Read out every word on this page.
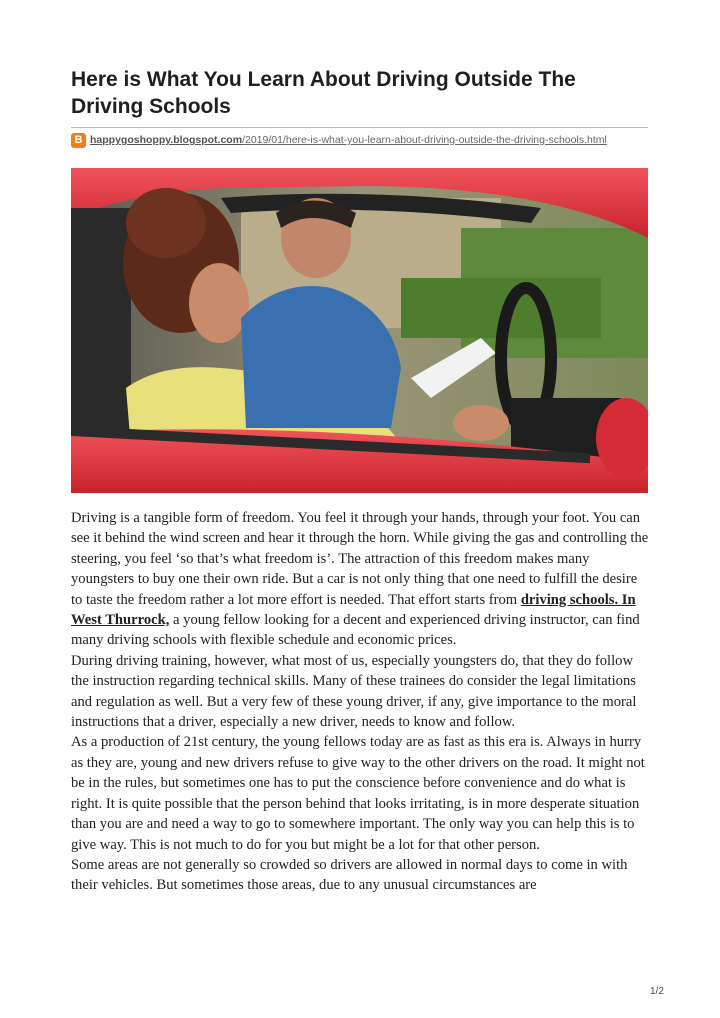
Here is What You Learn About Driving Outside The Driving Schools
B happygoshoppy.blogspot.com/2019/01/here-is-what-you-learn-about-driving-outside-the-driving-schools.html

Driving is a tangible form of freedom. You feel it through your hands, through your foot. You can see it behind the wind screen and hear it through the horn. While giving the gas and controlling the steering, you feel ‘so that’s what freedom is’. The attraction of this freedom makes many youngsters to buy one their own ride. But a car is not only thing that one need to fulfill the desire to taste the freedom rather a lot more effort is needed. That effort starts from driving schools. In West Thurrock, a young fellow looking for a decent and experienced driving instructor, can find many driving schools with flexible schedule and economic prices.

During driving training, however, what most of us, especially youngsters do, that they do follow the instruction regarding technical skills. Many of these trainees do consider the legal limitations and regulation as well. But a very few of these young driver, if any, give importance to the moral instructions that a driver, especially a new driver, needs to know and follow.

As a production of 21st century, the young fellows today are as fast as this era is. Always in hurry as they are, young and new drivers refuse to give way to the other drivers on the road. It might not be in the rules, but sometimes one has to put the conscience before convenience and do what is right. It is quite possible that the person behind that looks irritating, is in more desperate situation than you are and need a way to go to somewhere important. The only way you can help this is to give way. This is not much to do for you but might be a lot for that other person.

Some areas are not generally so crowded so drivers are allowed in normal days to come in with their vehicles. But sometimes those areas, due to any unusual circumstances are

1/2
